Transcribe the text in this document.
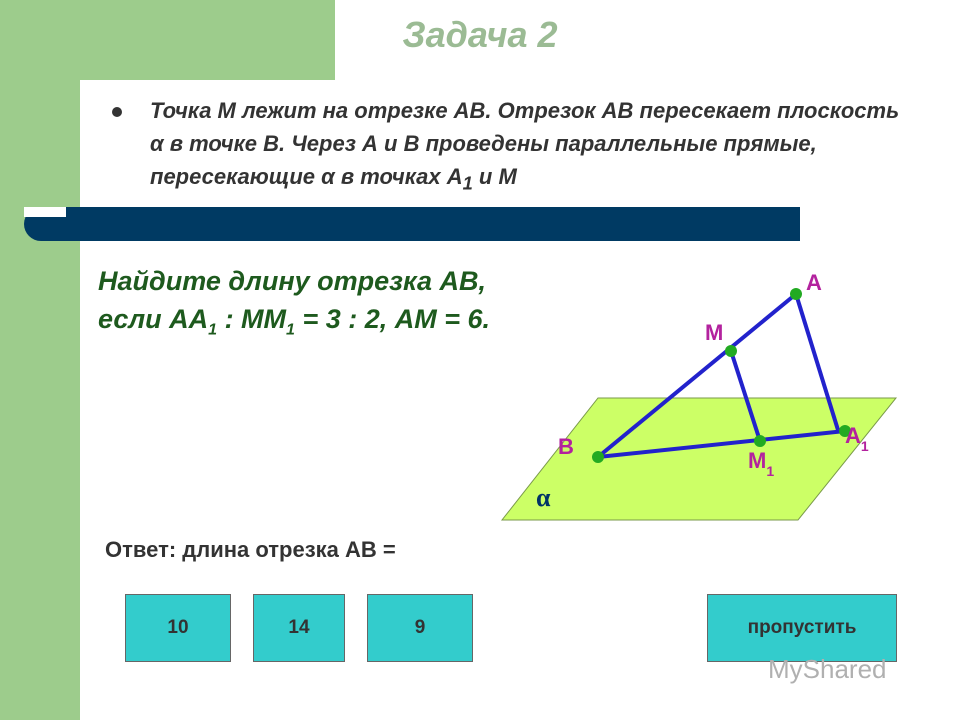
Задача 2
Точка М лежит на отрезке АВ. Отрезок АВ пересекает плоскость α в точке В. Через А и В проведены параллельные прямые, пересекающие α в точках $А_1$ и М
Найдите длину отрезка АВ,
если $АА_1$ : $ММ_1 = 3$ : 2, АМ = 6.
А
М
В	$А_1$
$М_1$
α
Ответ: длина отрезка АВ =
10	14	9	пропустить
MyShared
